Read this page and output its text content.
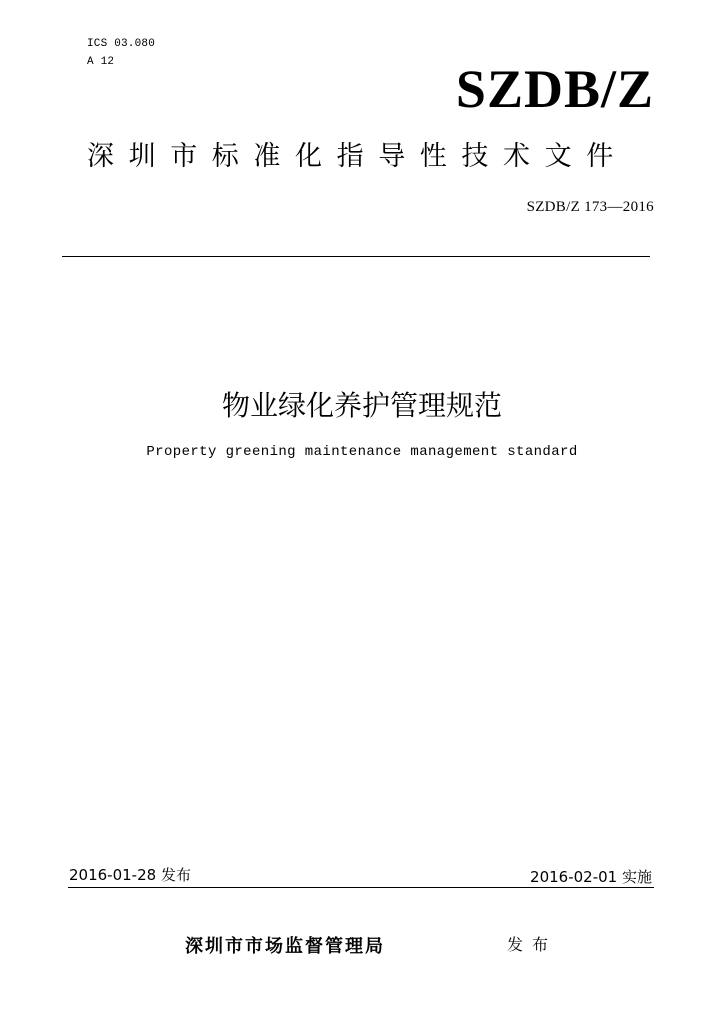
ICS 03.080
A 12	SZDB/Z
深圳市标准化指导性技术文件
SZDB/Z 173—2016
物业绿化养护管理规范
Property greening maintenance management standard
2016-01-28 发布	2016-02-01 实施
深圳市市场监督管理局	发布
